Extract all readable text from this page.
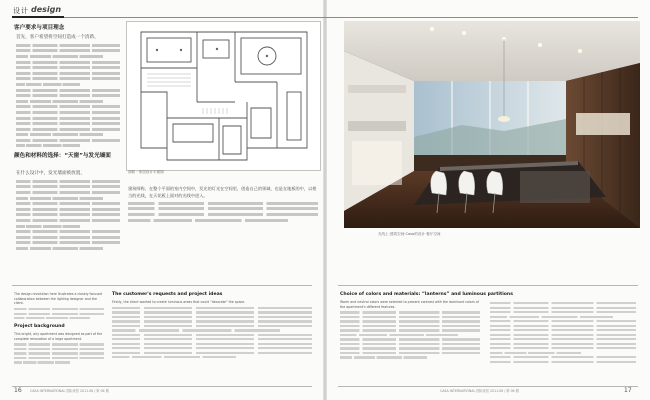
设计 design
客户要求与项目理念
首先，客户希望将空间打造成一个清新、
颜色和材料的选择：“天窗”与发光墙面
在什么设计中，发光墙面被放置，	面积 · 家居设计平面图
建筑师称，在整个平面的室内空间中，发光的灯光在空间里，创造自己的领域，也是在地板的中，以相当的光线，在天花板上面对的光线中进入。
光线上·建筑空间·Casa的设计·餐厅空间
The design revolution here illustrates a closely focused collaboration between the lighting designer and the client.
Project background
This bright, airy apartment was designed as part of the complete renovation of a large apartment.
The customer's requests and project ideas
Firstly, the client wanted to create luminous areas that could “decorate” the space.
Choice of colors and materials: “lanterns” and luminous partitions
Warm and neutral colors were selected to present contrast with the dominant colors of the apartment's different features.
16	CASA INTERNATIONAL 国际家居 2011.06 / 第 06 期	CASA INTERNATIONAL 国际家居 2011.06 / 第 06 期	17
